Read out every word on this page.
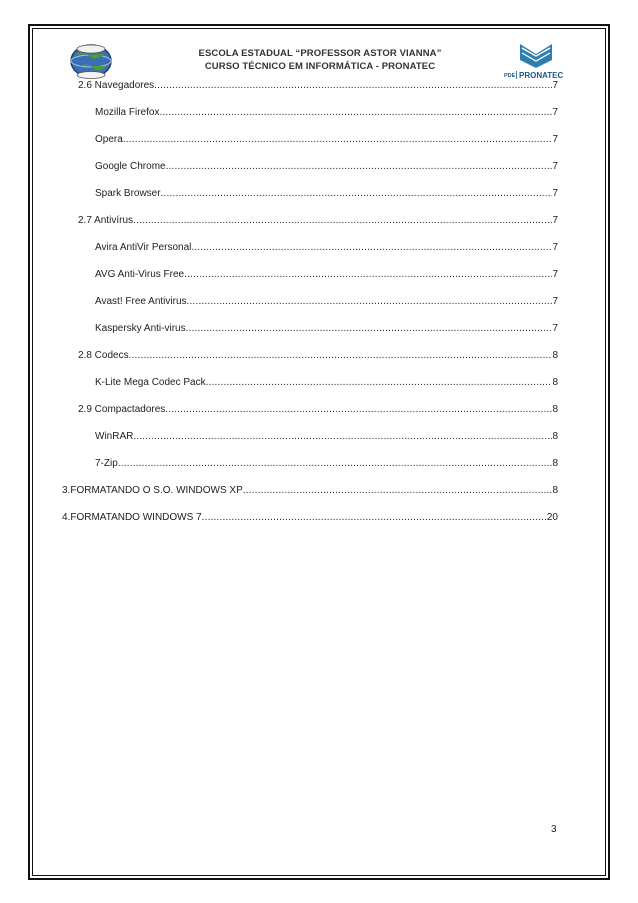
ESCOLA ESTADUAL “PROFESSOR ASTOR VIANNA”
CURSO TÉCNICO EM INFORMÁTICA - PRONATEC
PDE PRONATEC
2.6 Navegadores .....	7
Mozilla Firefox .....	7
Opera .....	7
Google Chrome .....	7
Spark Browser .....	7
2.7 Antivírus .....	7
Avira AntiVir Personal .....	7
AVG Anti-Virus Free .....	7
Avast! Free Antivirus .....	7
Kaspersky Anti-virus .....	7
2.8 Codecs .....	8
K-Lite Mega Codec Pack .....	8
2.9 Compactadores .....	8
WinRAR .....	8
7-Zip .....	8
3.FORMATANDO O S.O. WINDOWS XP .....	8
4.FORMATANDO WINDOWS 7 .....	20
3
